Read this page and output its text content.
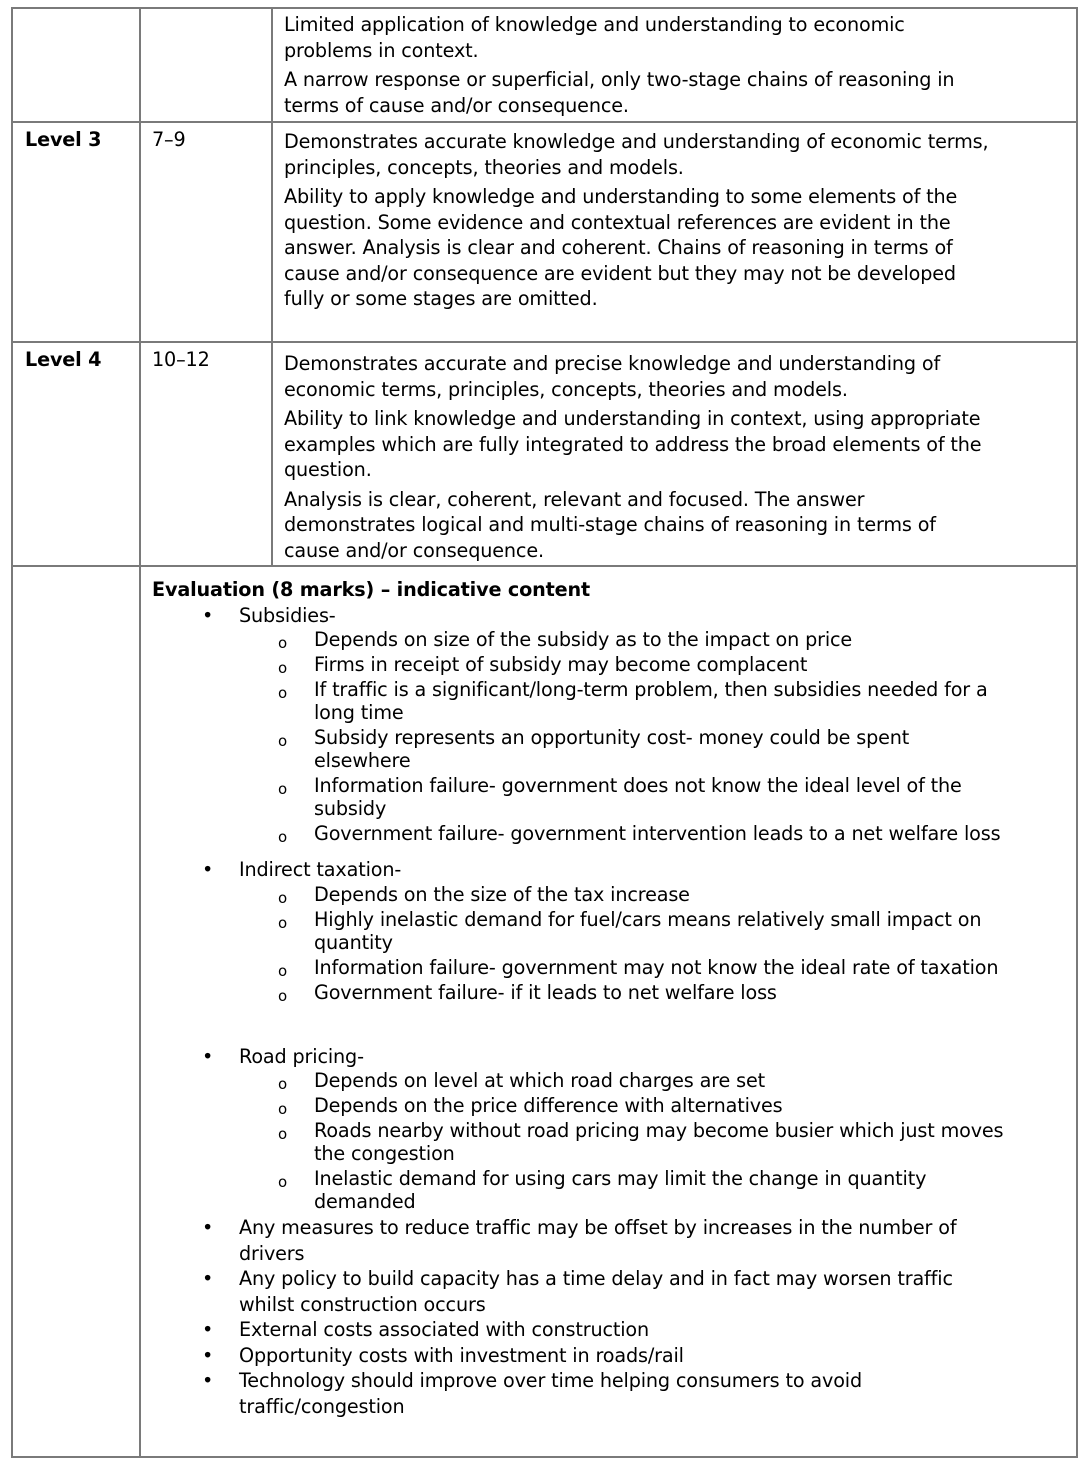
Limited application of knowledge and understanding to economic
problems in context.
A narrow response or superficial, only two-stage chains of reasoning in
terms of cause and/or consequence.
Level 3	7–9	Demonstrates accurate knowledge and understanding of economic terms,
principles, concepts, theories and models.
Ability to apply knowledge and understanding to some elements of the
question. Some evidence and contextual references are evident in the
answer. Analysis is clear and coherent. Chains of reasoning in terms of
cause and/or consequence are evident but they may not be developed
fully or some stages are omitted.
Level 4	10–12	Demonstrates accurate and precise knowledge and understanding of
economic terms, principles, concepts, theories and models.
Ability to link knowledge and understanding in context, using appropriate
examples which are fully integrated to address the broad elements of the
question.
Analysis is clear, coherent, relevant and focused. The answer
demonstrates logical and multi-stage chains of reasoning in terms of
cause and/or consequence.
Evaluation (8 marks) – indicative content
• Subsidies-
o Depends on size of the subsidy as to the impact on price
o Firms in receipt of subsidy may become complacent
o If traffic is a significant/long-term problem, then subsidies needed for a
long time
o Subsidy represents an opportunity cost- money could be spent
elsewhere
o Information failure- government does not know the ideal level of the
subsidy
o Government failure- government intervention leads to a net welfare loss
• Indirect taxation-
o Depends on the size of the tax increase
o Highly inelastic demand for fuel/cars means relatively small impact on
quantity
o Information failure- government may not know the ideal rate of taxation
o Government failure- if it leads to net welfare loss
• Road pricing-
o Depends on level at which road charges are set
o Depends on the price difference with alternatives
o Roads nearby without road pricing may become busier which just moves
the congestion
o Inelastic demand for using cars may limit the change in quantity
demanded
• Any measures to reduce traffic may be offset by increases in the number of
drivers
• Any policy to build capacity has a time delay and in fact may worsen traffic
whilst construction occurs
• External costs associated with construction
• Opportunity costs with investment in roads/rail
• Technology should improve over time helping consumers to avoid
traffic/congestion
